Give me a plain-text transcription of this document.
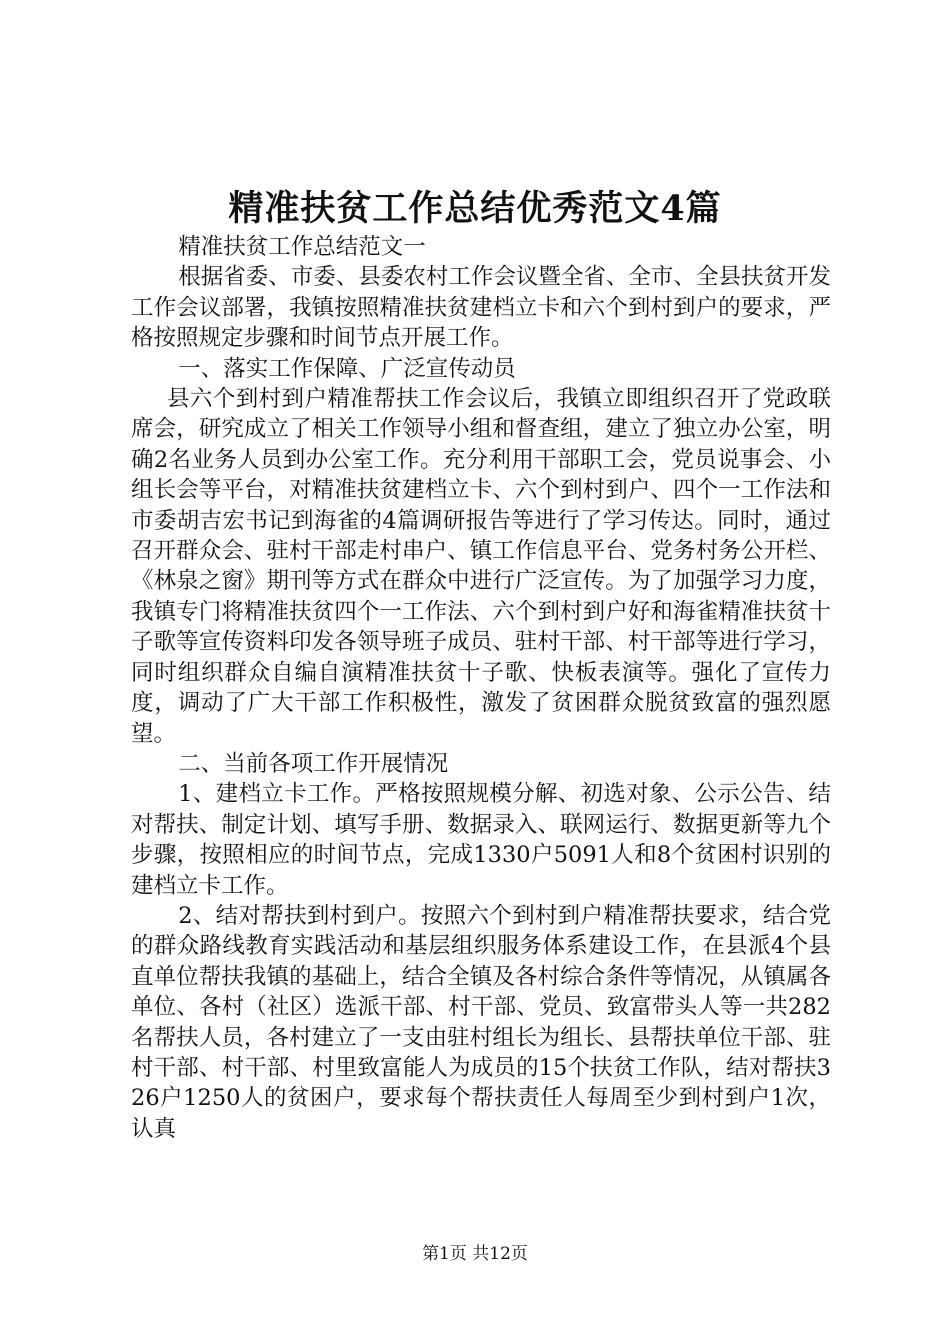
精准扶贫工作总结优秀范文4篇

精准扶贫工作总结范文一

根据省委、市委、县委农村工作会议暨全省、全市、全县扶贫开发工作会议部署，我镇按照精准扶贫建档立卡和六个到村到户的要求，严格按照规定步骤和时间节点开展工作。

一、落实工作保障、广泛宣传动员

县六个到村到户精准帮扶工作会议后，我镇立即组织召开了党政联席会，研究成立了相关工作领导小组和督查组，建立了独立办公室，明确2名业务人员到办公室工作。充分利用干部职工会，党员说事会、小组长会等平台，对精准扶贫建档立卡、六个到村到户、四个一工作法和市委胡吉宏书记到海雀的4篇调研报告等进行了学习传达。同时，通过召开群众会、驻村干部走村串户、镇工作信息平台、党务村务公开栏、《林泉之窗》期刊等方式在群众中进行广泛宣传。为了加强学习力度，我镇专门将精准扶贫四个一工作法、六个到村到户好和海雀精准扶贫十子歌等宣传资料印发各领导班子成员、驻村干部、村干部等进行学习，同时组织群众自编自演精准扶贫十子歌、快板表演等。强化了宣传力度，调动了广大干部工作积极性，激发了贫困群众脱贫致富的强烈愿望。

二、当前各项工作开展情况

1、建档立卡工作。严格按照规模分解、初选对象、公示公告、结对帮扶、制定计划、填写手册、数据录入、联网运行、数据更新等九个步骤，按照相应的时间节点，完成1330户5091人和8个贫困村识别的建档立卡工作。

2、结对帮扶到村到户。按照六个到村到户精准帮扶要求，结合党的群众路线教育实践活动和基层组织服务体系建设工作，在县派4个县直单位帮扶我镇的基础上，结合全镇及各村综合条件等情况，从镇属各单位、各村（社区）选派干部、村干部、党员、致富带头人等一共282名帮扶人员，各村建立了一支由驻村组长为组长、县帮扶单位干部、驻村干部、村干部、村里致富能人为成员的15个扶贫工作队，结对帮扶326户1250人的贫困户，要求每个帮扶责任人每周至少到村到户1次，认真

第1页 共12页
